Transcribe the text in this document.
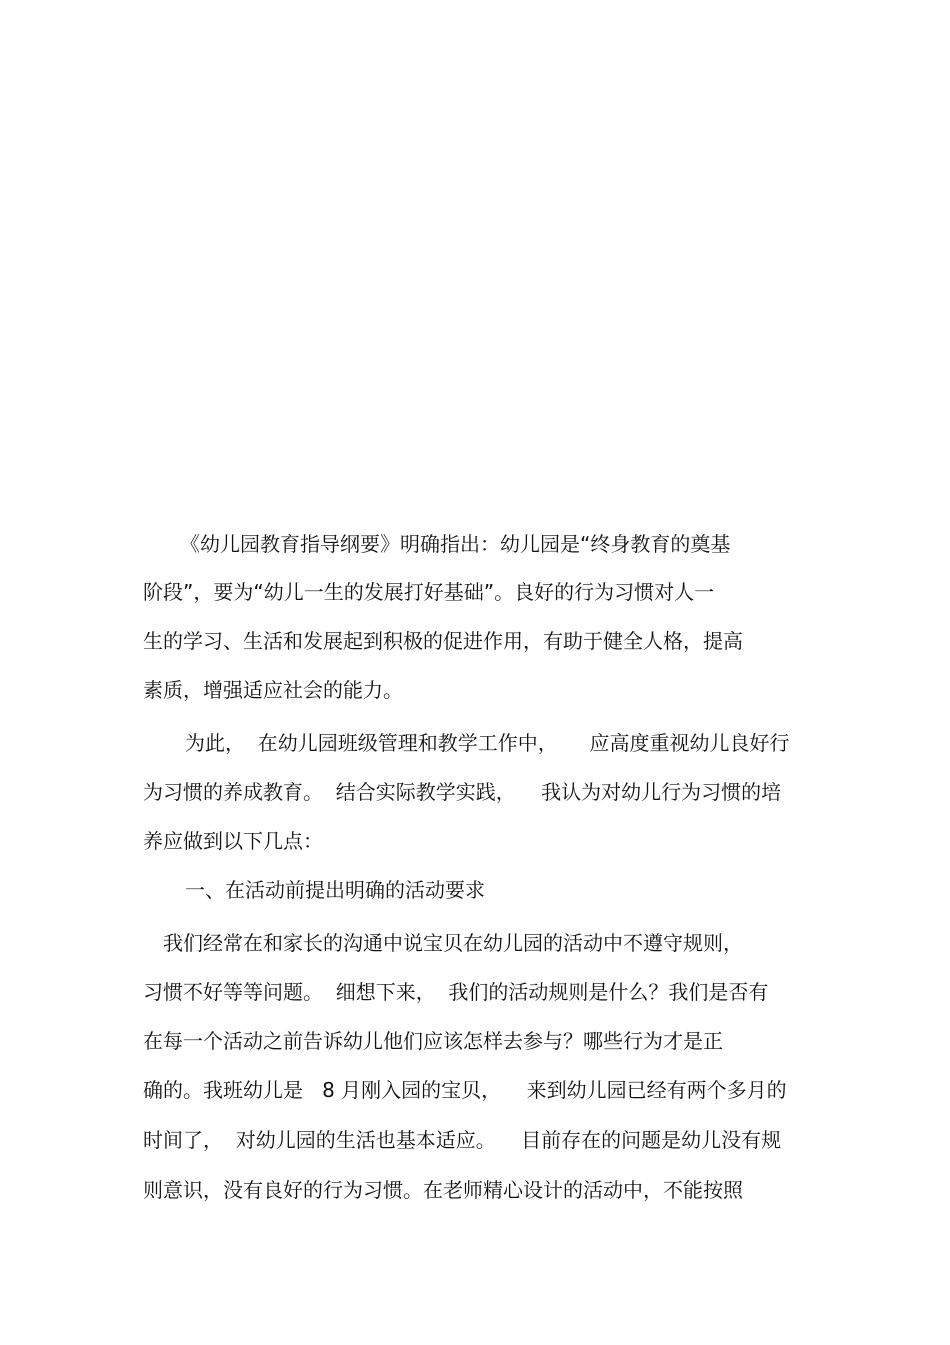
《幼儿园教育指导纲要》明确指出：幼儿园是“终身教育的奠基
阶段”，要为“幼儿一生的发展打好基础”。良好的行为习惯对人一
生的学习、生活和发展起到积极的促进作用，有助于健全人格，提高
素质，增强适应社会的能力。
为此，  在幼儿园班级管理和教学工作中，     应高度重视幼儿良好行
为习惯的养成教育。  结合实际教学实践，    我认为对幼儿行为习惯的培
养应做到以下几点：
一、在活动前提出明确的活动要求
我们经常在和家长的沟通中说宝贝在幼儿园的活动中不遵守规则，
习惯不好等等问题。  细想下来，  我们的活动规则是什么？我们是否有
在每一个活动之前告诉幼儿他们应该怎样去参与？哪些行为才是正
确的。我班幼儿是   8 月刚入园的宝贝，    来到幼儿园已经有两个多月的
时间了，  对幼儿园的生活也基本适应。    目前存在的问题是幼儿没有规
则意识，没有良好的行为习惯。在老师精心设计的活动中，不能按照
